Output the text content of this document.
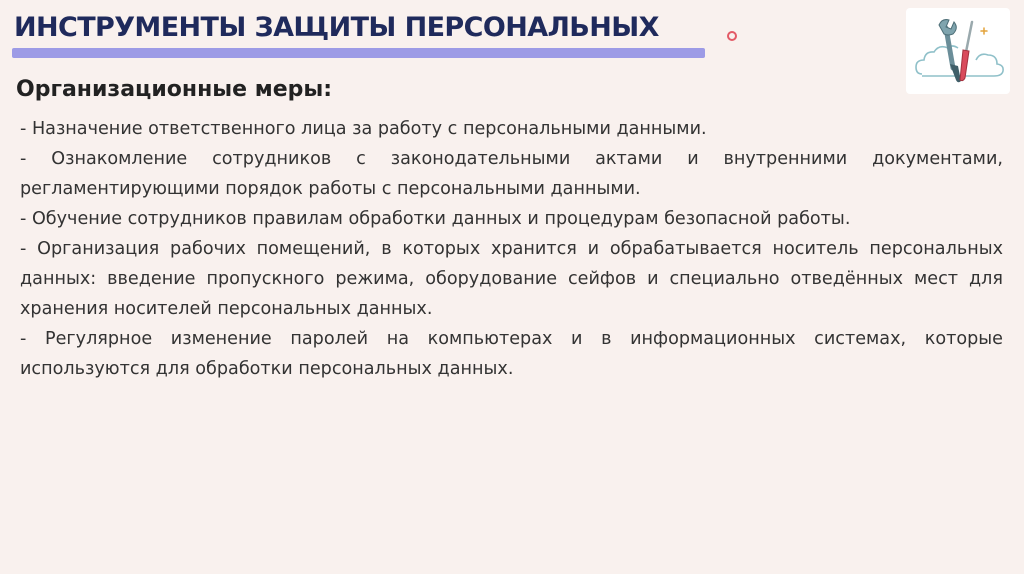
ИНСТРУМЕНТЫ ЗАЩИТЫ ПЕРСОНАЛЬНЫХ
Организационные меры:
- Назначение ответственного лица за работу с персональными данными.
- Ознакомление сотрудников с законодательными актами и внутренними документами, регламентирующими порядок работы с персональными данными.
- Обучение сотрудников правилам обработки данных и процедурам безопасной работы.
- Организация рабочих помещений, в которых хранится и обрабатывается носитель персональных данных: введение пропускного режима, оборудование сейфов и специально отведённых мест для хранения носителей персональных данных.
- Регулярное изменение паролей на компьютерах и в информационных системах, которые используются для обработки персональных данных.
